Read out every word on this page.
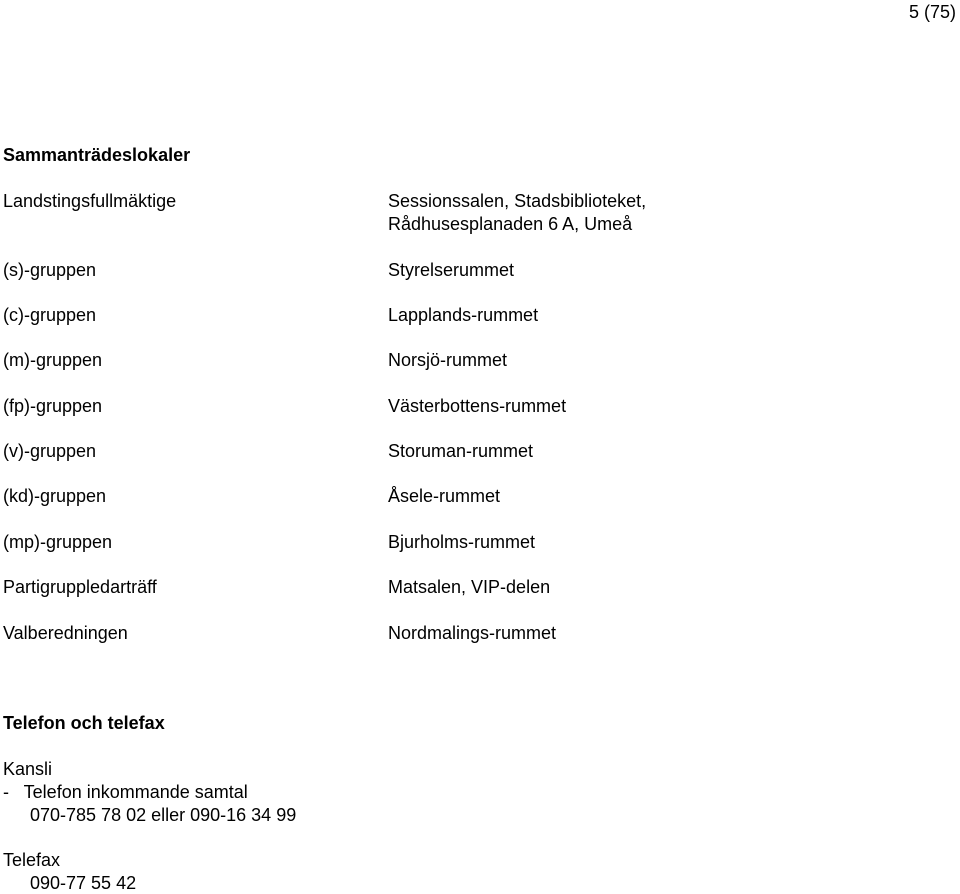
5 (75)
Sammanträdeslokaler
Landstingsfullmäktige	Sessionssalen, Stadsbiblioteket,
Rådhusesplanaden 6 A, Umeå
(s)-gruppen	Styrelserummet
(c)-gruppen	Lapplands-rummet
(m)-gruppen	Norsjö-rummet
(fp)-gruppen	Västerbottens-rummet
(v)-gruppen	Storuman-rummet
(kd)-gruppen	Åsele-rummet
(mp)-gruppen	Bjurholms-rummet
Partigruppledarträff	Matsalen, VIP-delen
Valberedningen	Nordmalings-rummet
Telefon och telefax
Kansli
-   Telefon inkommande samtal
070-785 78 02 eller 090-16 34 99
Telefax
090-77 55 42
